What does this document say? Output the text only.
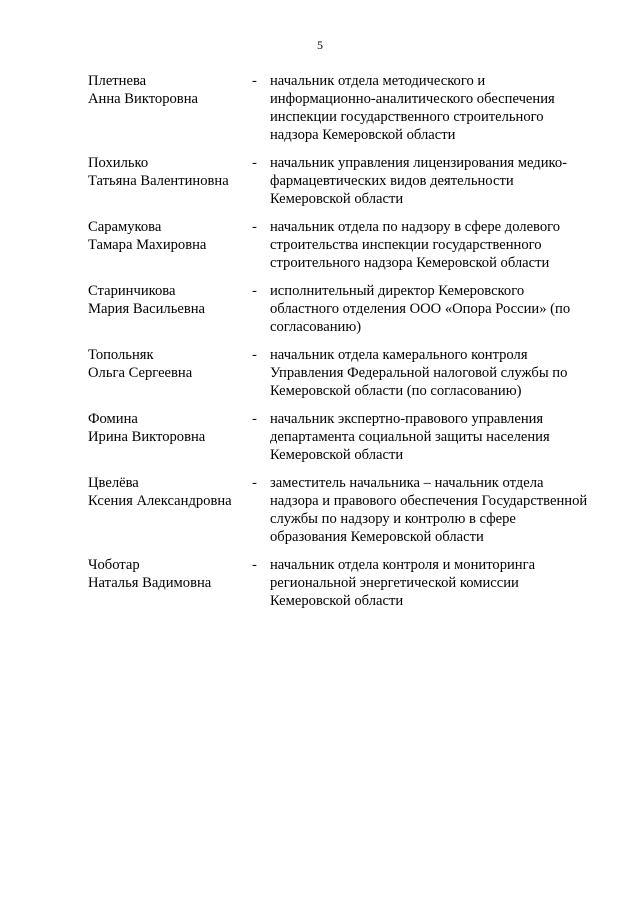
5
Плетнева
Анна Викторовна
- начальник отдела методического и информационно-аналитического обеспечения инспекции государственного строительного надзора Кемеровской области
Похилько
Татьяна Валентиновна
- начальник управления лицензирования медико-фармацевтических видов деятельности Кемеровской области
Сарамукова
Тамара Махировна
- начальник отдела по надзору в сфере долевого строительства инспекции государственного строительного надзора Кемеровской области
Старинчикова
Мария Васильевна
- исполнительный директор Кемеровского областного отделения ООО «Опора России» (по согласованию)
Топольняк
Ольга Сергеевна
- начальник отдела камерального контроля Управления Федеральной налоговой службы по Кемеровской области (по согласованию)
Фомина
Ирина Викторовна
- начальник экспертно-правового управления департамента социальной защиты населения Кемеровской области
Цвелёва
Ксения Александровна
- заместитель начальника – начальник отдела надзора и правового обеспечения Государственной службы по надзору и контролю в сфере образования Кемеровской области
Чоботар
Наталья Вадимовна
- начальник отдела контроля и мониторинга региональной энергетической комиссии Кемеровской области
